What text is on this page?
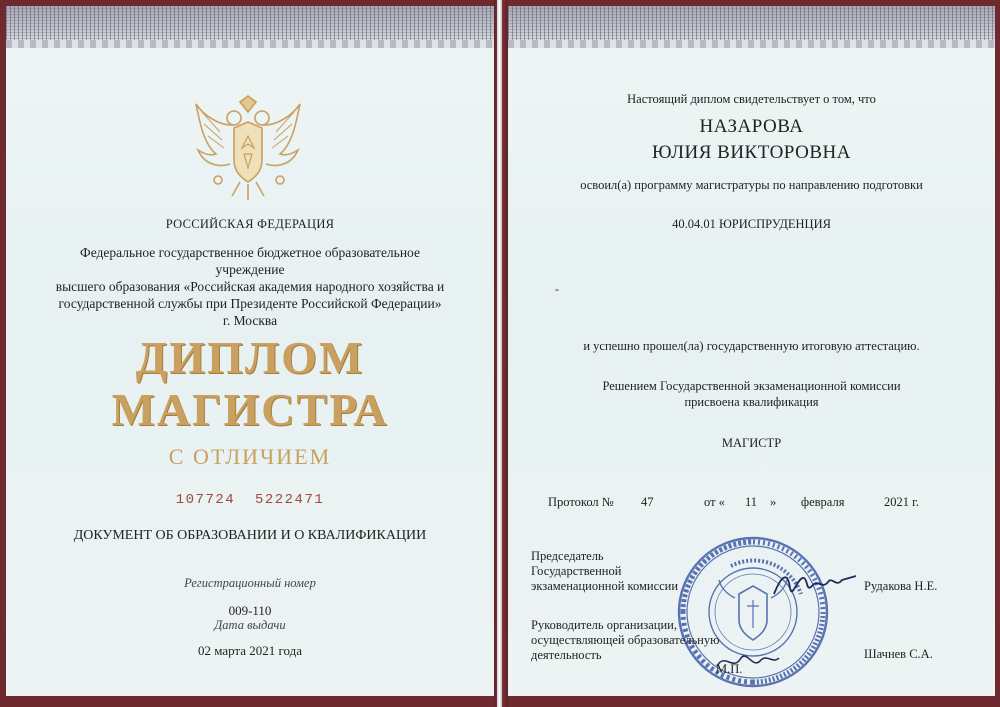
РОССИЙСКАЯ ФЕДЕРАЦИЯ
Федеральное государственное бюджетное образовательное учреждение
высшего образования «Российская академия народного хозяйства и
государственной службы при Президенте Российской Федерации»
г. Москва
ДИПЛОМ
МАГИСТРА
С ОТЛИЧИЕМ
107724  5222471
ДОКУМЕНТ ОБ ОБРАЗОВАНИИ И О КВАЛИФИКАЦИИ
Регистрационный номер
009-110
Дата выдачи
02 марта 2021 года
Настоящий диплом свидетельствует о том, что
НАЗАРОВА
ЮЛИЯ ВИКТОРОВНА
освоил(а) программу магистратуры по направлению подготовки
40.04.01 ЮРИСПРУДЕНЦИЯ
-
и успешно прошел(ла) государственную итоговую аттестацию.
Решением Государственной экзаменационной комиссии
присвоена квалификация
МАГИСТР
Протокол № 47	от « 11 » февраля	2021 г.
Председатель
Государственной
экзаменационной комиссии	Рудакова Н.Е.
Руководитель организации,
осуществляющей образовательную
деятельность
М.П.
Шачнев С.А.
